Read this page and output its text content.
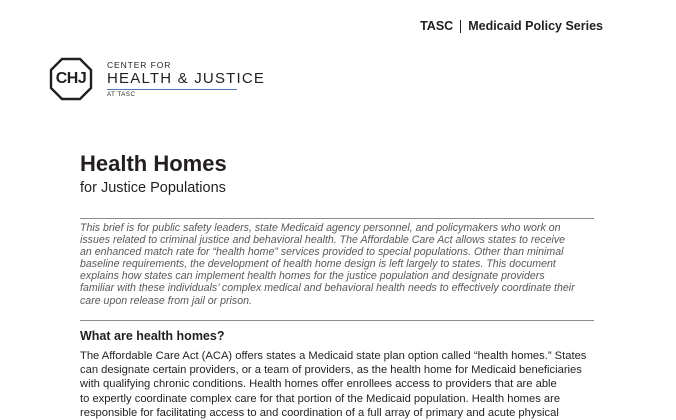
TASC Medicaid Policy Series
CHJ
CENTER FOR
HEALTH & JUSTICE
AT TASC
Health Homes
for Justice Populations
This brief is for public safety leaders, state Medicaid agency personnel, and policymakers who work on
issues related to criminal justice and behavioral health. The Affordable Care Act allows states to receive
an enhanced match rate for “health home” services provided to special populations. Other than minimal
baseline requirements, the development of health home design is left largely to states. This document
explains how states can implement health homes for the justice population and designate providers
familiar with these individuals’ complex medical and behavioral health needs to effectively coordinate their
care upon release from jail or prison.
What are health homes?
The Affordable Care Act (ACA) offers states a Medicaid state plan option called “health homes.” States
can designate certain providers, or a team of providers, as the health home for Medicaid beneficiaries
with qualifying chronic conditions. Health homes offer enrollees access to providers that are able
to expertly coordinate complex care for that portion of the Medicaid population. Health homes are
responsible for facilitating access to and coordination of a full array of primary and acute physical
